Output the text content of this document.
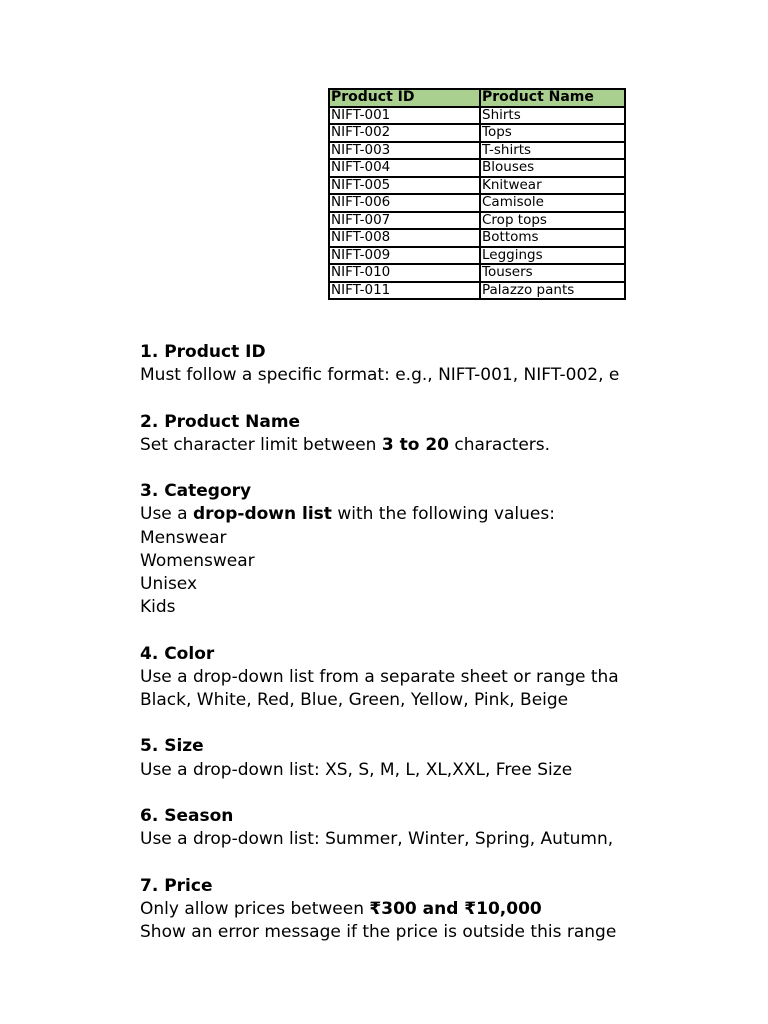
Product ID	Product Name
NIFT-001	Shirts
NIFT-002	Tops
NIFT-003	T-shirts
NIFT-004	Blouses
NIFT-005	Knitwear
NIFT-006	Camisole
NIFT-007	Crop tops
NIFT-008	Bottoms
NIFT-009	Leggings
NIFT-010	Tousers
NIFT-011	Palazzo pants
1. Product ID
Must follow a specific format: e.g., NIFT-001, NIFT-002, e
2. Product Name
Set character limit between 3 to 20 characters.
3. Category
Use a drop-down list with the following values:
Menswear
Womenswear
Unisex
Kids
4. Color
Use a drop-down list from a separate sheet or range tha
Black, White, Red, Blue, Green, Yellow, Pink, Beige
5. Size
Use a drop-down list: XS, S, M, L, XL,XXL, Free Size
6. Season
Use a drop-down list: Summer, Winter, Spring, Autumn,
7. Price
Only allow prices between ₹300 and ₹10,000
Show an error message if the price is outside this range
